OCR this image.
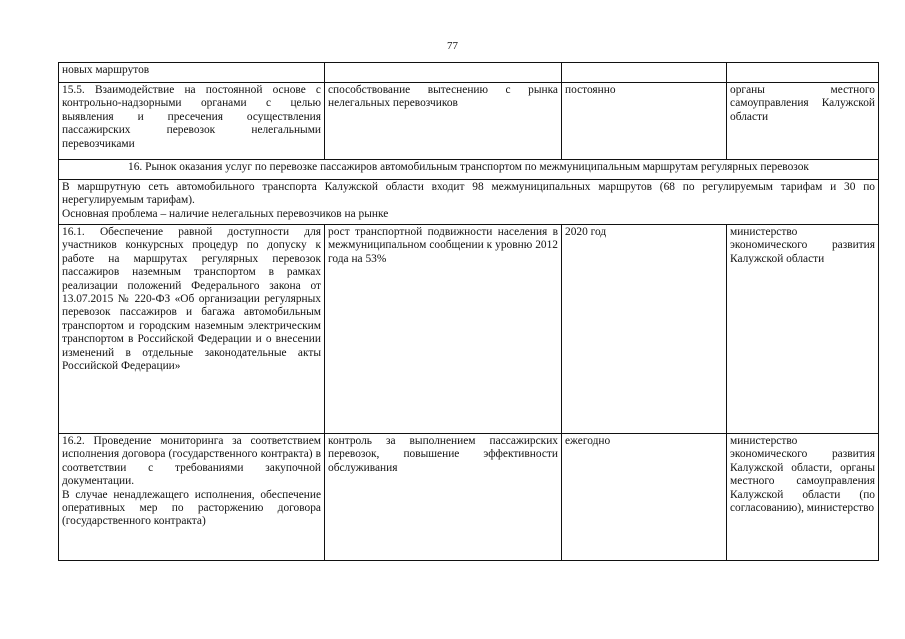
77
новых маршрутов			
15.5. Взаимодействие на постоянной основе с контрольно-надзорными органами с целью выявления и пресечения осуществления пассажирских перевозок нелегальными перевозчиками	способствование вытеснению с рынка нелегальных перевозчиков	постоянно	органы местного самоуправления Калужской области
16. Рынок оказания услуг по перевозке пассажиров автомобильным транспортом по межмуниципальным маршрутам регулярных перевозок			

В маршрутную сеть автомобильного транспорта Калужской области входит 98 межмуниципальных маршрутов (68 по регулируемым тарифам и 30 по нерегулируемым тарифам).
Основная проблема – наличие нелегальных перевозчиков на рынке			

16.1. Обеспечение равной доступности для участников конкурсных процедур по допуску к работе на маршрутах регулярных перевозок пассажиров наземным транспортом в рамках реализации положений Федерального закона от 13.07.2015 № 220-ФЗ «Об организации регулярных перевозок пассажиров и багажа автомобильным транспортом и городским наземным электрическим транспортом в Российской Федерации и о внесении изменений в отдельные законодательные акты Российской Федерации»	рост транспортной подвижности населения в межмуниципальном сообщении к уровню 2012 года на 53%	2020 год	министерство экономического развития Калужской области

16.2. Проведение мониторинга за соответствием исполнения договора (государственного контракта) в соответствии с требованиями закупочной документации.
В случае ненадлежащего исполнения, обеспечение оперативных мер по расторжению договора (государственного контракта)	контроль за выполнением пассажирских перевозок, повышение эффективности обслуживания	ежегодно	министерство экономического развития Калужской области, органы местного самоуправления Калужской области (по согласованию), министерство
